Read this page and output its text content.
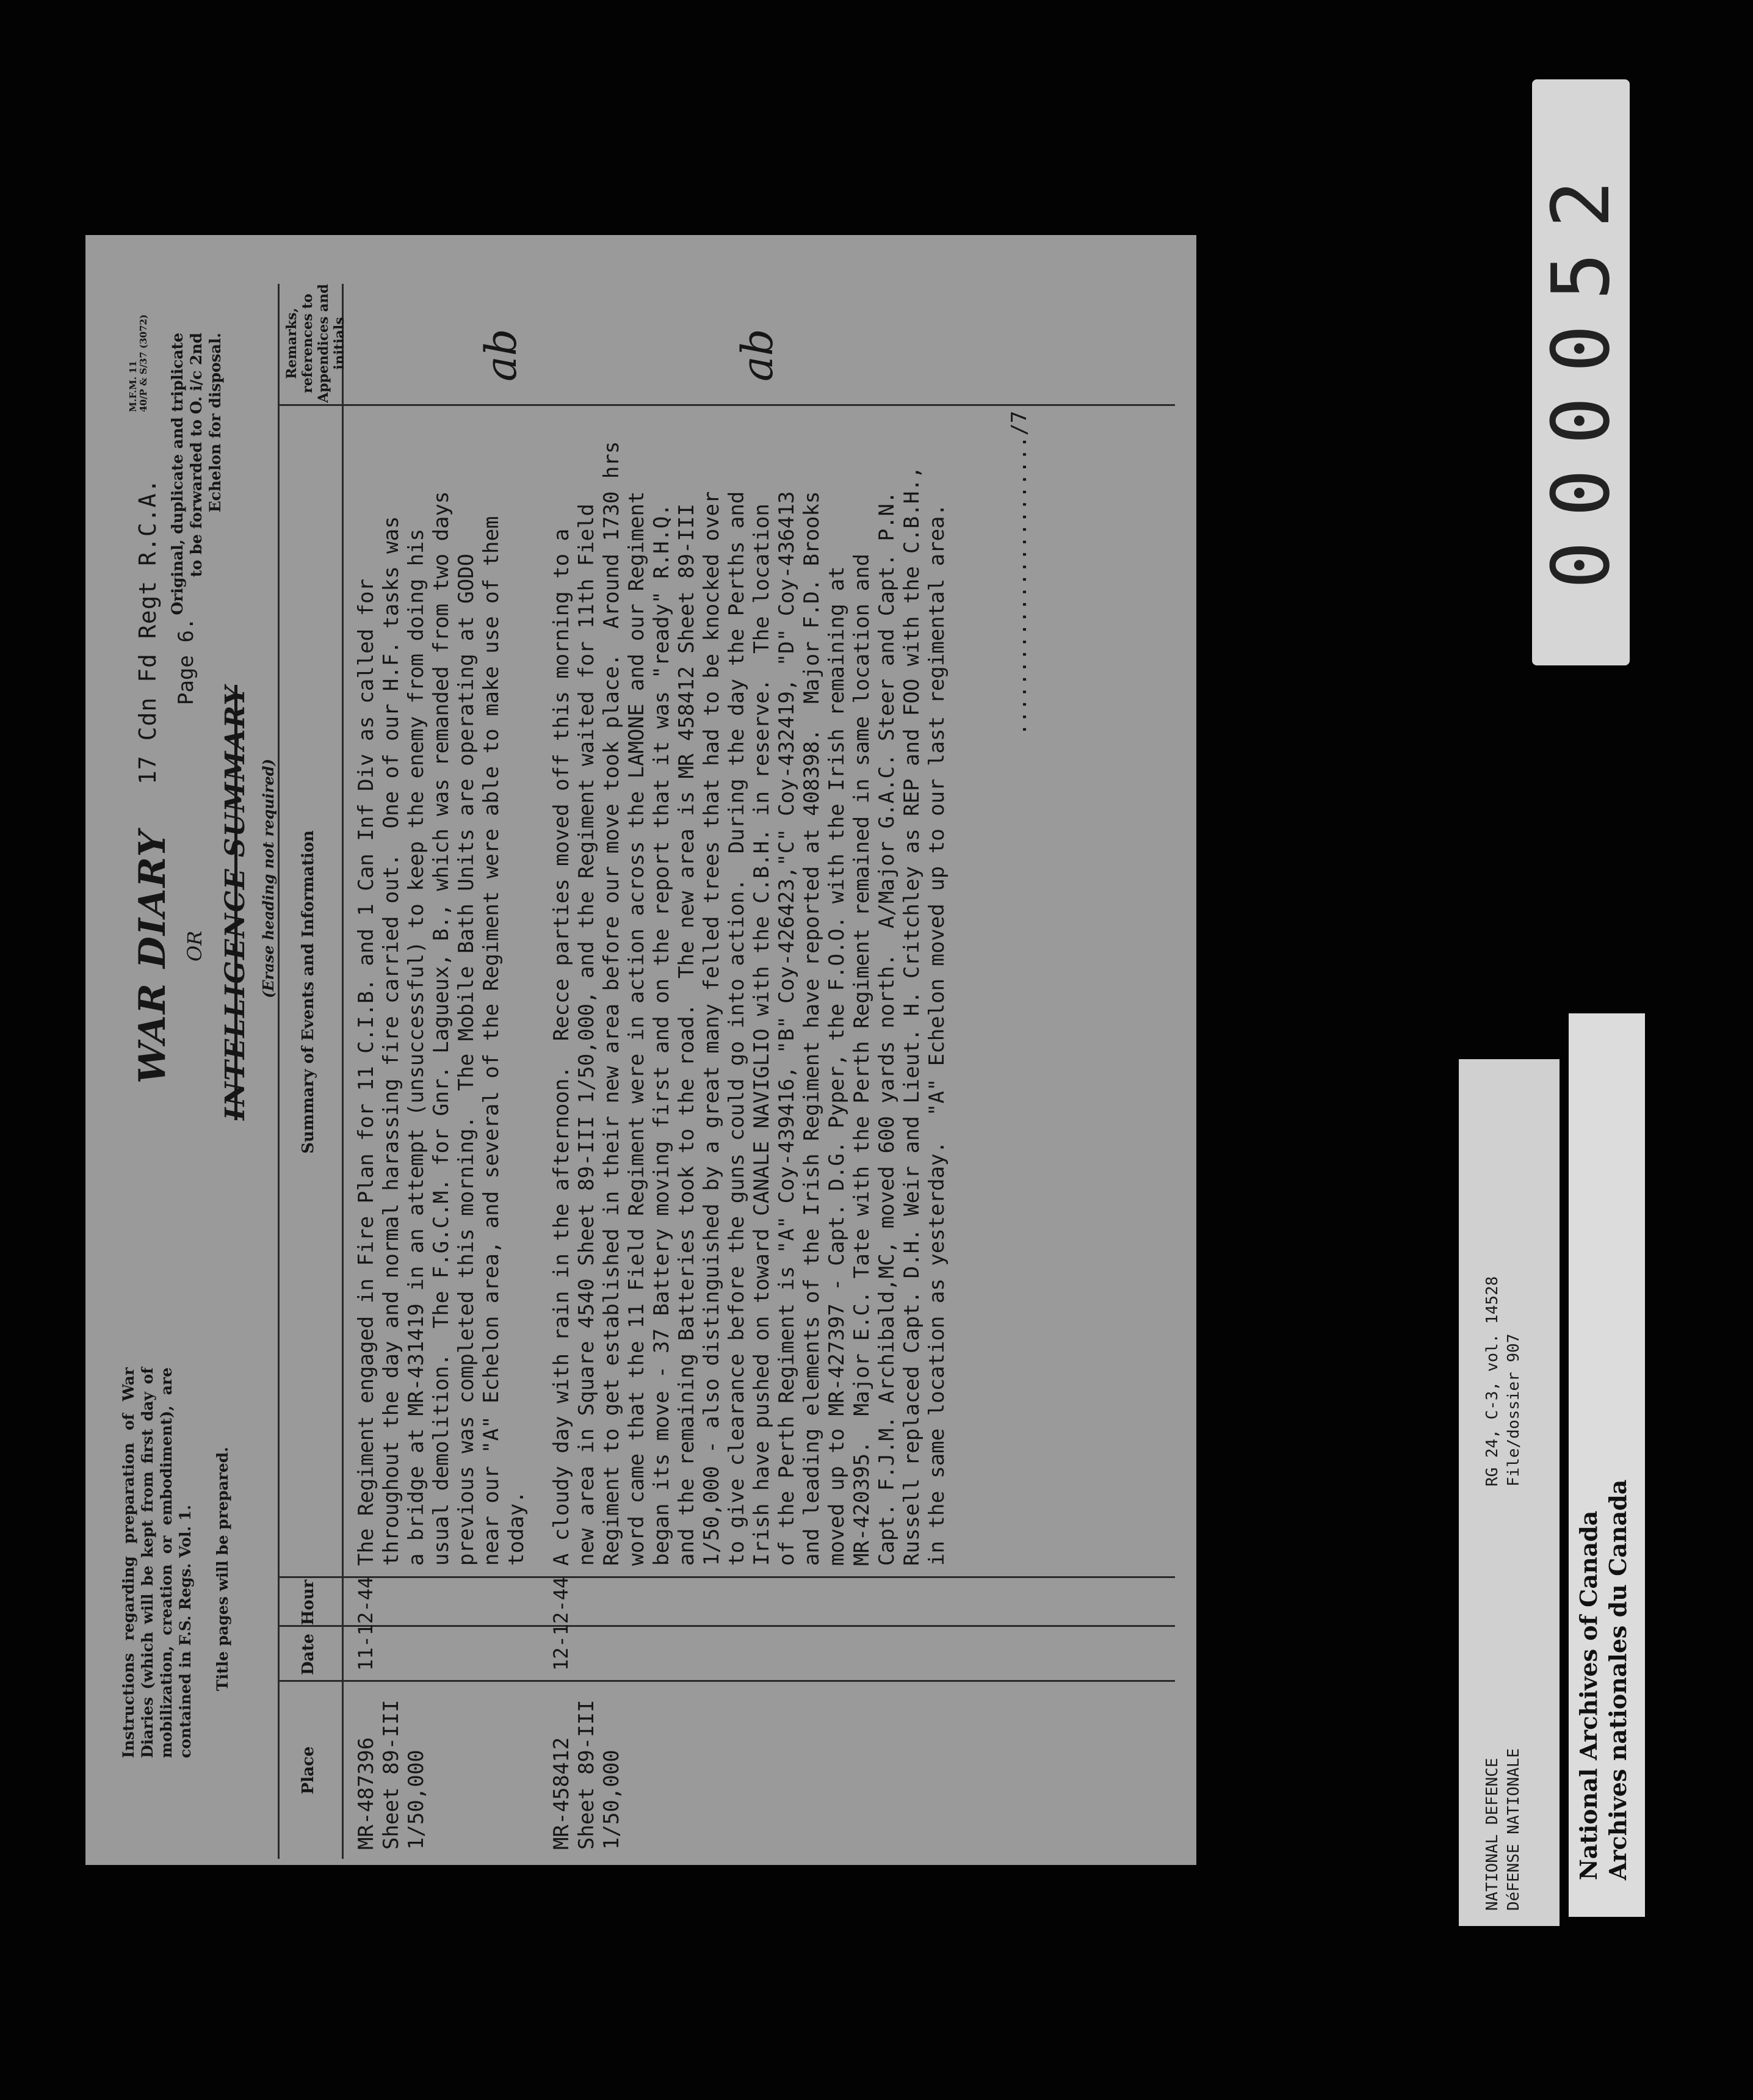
Instructions regarding preparation of War Diaries (which will be kept from first day of mobilization, creation or embodiment), are contained in F.S. Regs. Vol. 1. Title pages will be prepared.
WAR DIARY OR INTELLIGENCE SUMMARY (Erase heading not required)
17 Cdn Fd Regt R.C.A. Page 6.
Original, duplicate and triplicate to be forwarded to O. i/c 2nd Echelon for disposal.
M.F.M. 11
40/P & S/37 (3072)
Place
Date
Hour
Summary of Events and Information
Remarks, references to Appendices and initials
MR-487396
Sheet 89-III
1/50,000
11-12-44
The Regiment engaged in Fire Plan for 11 C.I.B. and 1 Can Inf Div as called for
throughout the day and normal harassing fire carried out.  One of our H.F. tasks was
a bridge at MR-431419 in an attempt (unsuccessful) to keep the enemy from doing his
usual demolition.  The F.G.C.M. for Gnr. Lagueux, B., which was remanded from two days
previous was completed this morning.  The Mobile Bath Units are operating at GODO
near our "A" Echelon area, and several of the Regiment were able to make use of them
today.
ab
MR-458412
Sheet 89-III
1/50,000
12-12-44
A cloudy day with rain in the afternoon.  Recce parties moved off this morning to a
new area in Square 4540 Sheet 89-III 1/50,000, and the Regiment waited for 11th Field
Regiment to get established in their new area before our move took place.  Around 1730 hrs
word came that the 11 Field Regiment were in action across the LAMONE and our Regiment
began its move - 37 Battery moving first and on the report that it was "ready" R.H.Q.
and the remaining Batteries took to the road.  The new area is MR 458412 Sheet 89-III
1/50,000 - also distinguished by a great many felled trees that had to be knocked over
to give clearance before the guns could go into action.  During the day the Perths and
Irish have pushed on toward CANALE NAVIGLIO with the C.B.H. in reserve.  The location
of the Perth Regiment is "A" Coy-439416, "B" Coy-426423,"C" Coy-432419, "D" Coy-436413
and leading elements of the Irish Regiment have reported at 408398.  Major F.D. Brooks
moved up to MR-427397 - Capt. D.G. Pyper, the F.O.O. with the Irish remaining at
MR-420395.  Major E.C. Tate with the Perth Regiment remained in same location and
Capt. F.J.M. Archibald,MC, moved 600 yards north.  A/Major G.A.C. Steer and Capt. P.N.
Russell replaced Capt. D.H. Weir and Lieut. H. Critchley as REP and FOO with the C.B.H.,
in the same location as yesterday.  "A" Echelon moved up to our last regimental area.
ab
......................../7	000052
NATIONAL DEFENCE DéFENSE NATIONALE
RG 24, C-3, vol. 14528 File/dossier 907
National Archives of Canada Archives nationales du Canada
